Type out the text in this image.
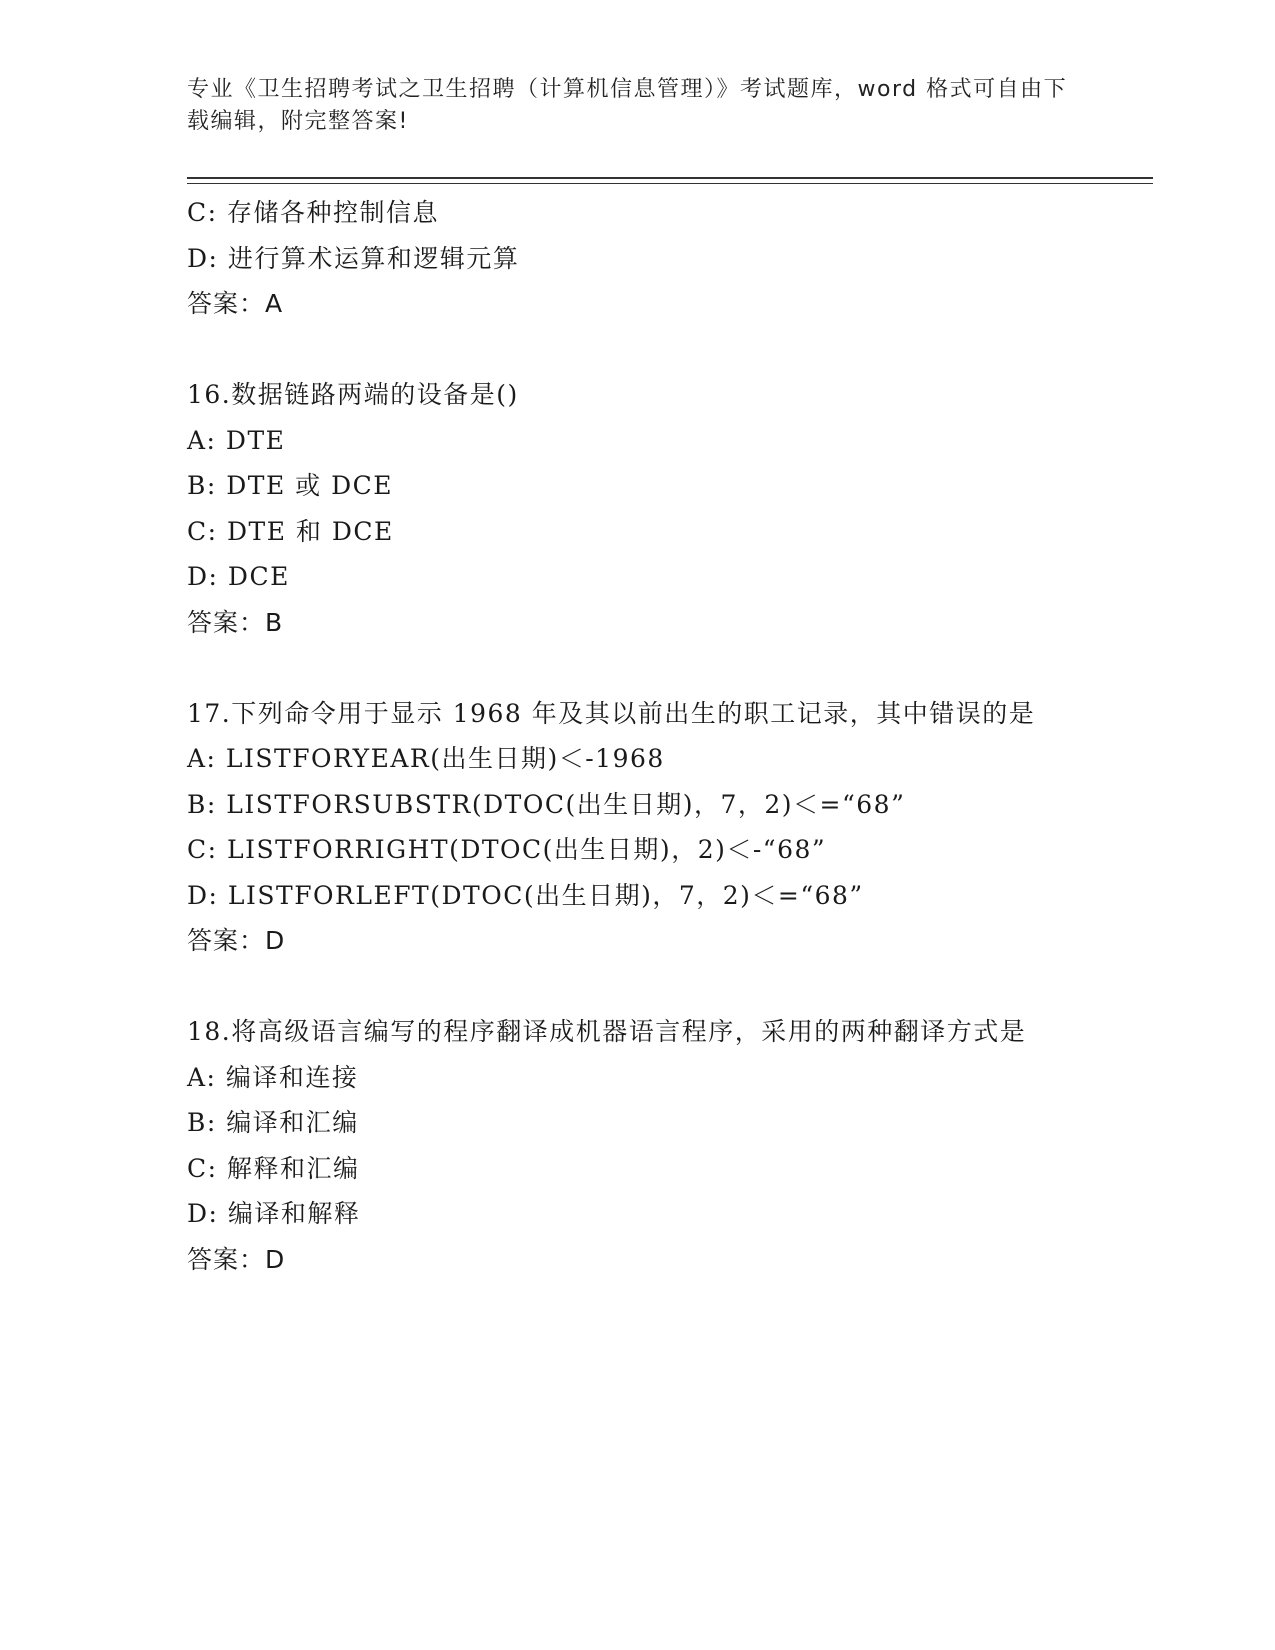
专业《卫生招聘考试之卫生招聘（计算机信息管理）》考试题库，word 格式可自由下载编辑，附完整答案!
C: 存储各种控制信息
D: 进行算术运算和逻辑元算
答案：A
16.数据链路两端的设备是()
A: DTE
B: DTE 或 DCE
C: DTE 和 DCE
D: DCE
答案：B
17.下列命令用于显示 1968 年及其以前出生的职工记录，其中错误的是
A: LISTFORYEAR(出生日期)＜-1968
B: LISTFORSUBSTR(DTOC(出生日期)，7，2)＜=“68”
C: LISTFORRIGHT(DTOC(出生日期)，2)＜-“68”
D: LISTFORLEFT(DTOC(出生日期)，7，2)＜=“68”
答案：D
18.将高级语言编写的程序翻译成机器语言程序，采用的两种翻译方式是
A: 编译和连接
B: 编译和汇编
C: 解释和汇编
D: 编译和解释
答案：D
